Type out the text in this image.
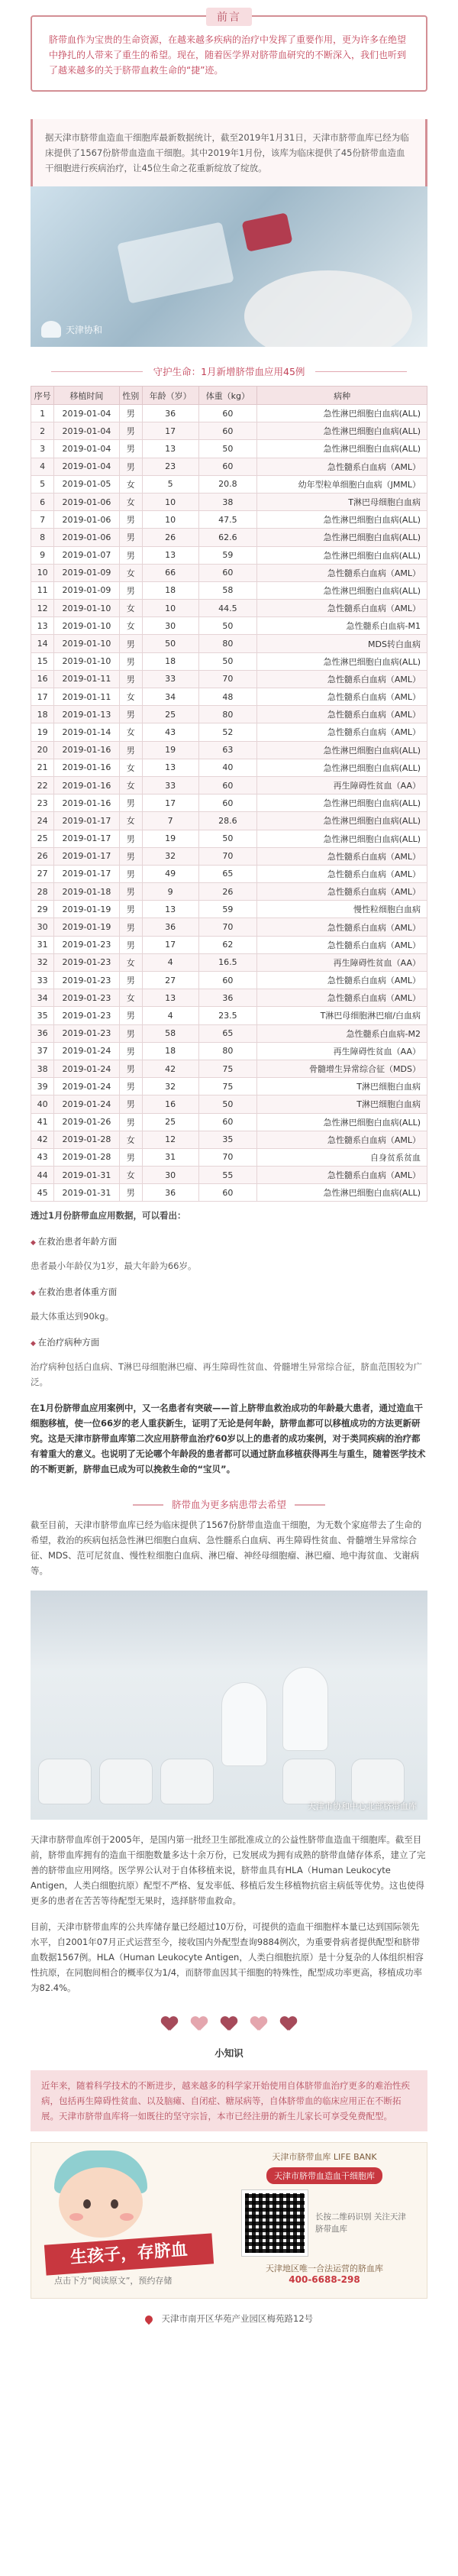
前言

脐带血作为宝贵的生命资源，在越来越多疾病的治疗中发挥了重要作用，更为许多在绝望中挣扎的人带来了重生的希望。现在，随着医学界对脐带血研究的不断深入，我们也听到了越来越多的关于脐带血救生命的“捷”迹。

据天津市脐带血造血干细胞库最新数据统计，截至2019年1月31日，天津市脐带血库已经为临床提供了1567份脐带血造血干细胞。其中2019年1月份，该库为临床提供了45份脐带血造血干细胞进行疾病治疗，让45位生命之花重新绽放了绽放。
天津协和
守护生命：1月新增脐带血应用45例
序号	移植时间	性别	年龄（岁）	体重（kg）	病种
1	2019-01-04	男	36	60	急性淋巴细胞白血病(ALL)
2	2019-01-04	男	17	60	急性淋巴细胞白血病(ALL)
3	2019-01-04	男	13	50	急性淋巴细胞白血病(ALL)
4	2019-01-04	男	23	60	急性髓系白血病（AML）
5	2019-01-05	女	5	20.8	幼年型粒单细胞白血病（JMML）
6	2019-01-06	女	10	38	T淋巴母细胞白血病
7	2019-01-06	男	10	47.5	急性淋巴细胞白血病(ALL)
8	2019-01-06	男	26	62.6	急性淋巴细胞白血病(ALL)
9	2019-01-07	男	13	59	急性淋巴细胞白血病(ALL)
10	2019-01-09	女	66	60	急性髓系白血病（AML）
11	2019-01-09	男	18	58	急性淋巴细胞白血病(ALL)
12	2019-01-10	女	10	44.5	急性髓系白血病（AML）
13	2019-01-10	女	30	50	急性髓系白血病-M1
14	2019-01-10	男	50	80	MDS转白血病
15	2019-01-10	男	18	50	急性淋巴细胞白血病(ALL)
16	2019-01-11	男	33	70	急性髓系白血病（AML）
17	2019-01-11	女	34	48	急性髓系白血病（AML）
18	2019-01-13	男	25	80	急性髓系白血病（AML）
19	2019-01-14	女	43	52	急性髓系白血病（AML）
20	2019-01-16	男	19	63	急性淋巴细胞白血病(ALL)
21	2019-01-16	女	13	40	急性淋巴细胞白血病(ALL)
22	2019-01-16	女	33	60	再生障碍性贫血（AA）
23	2019-01-16	男	17	60	急性淋巴细胞白血病(ALL)
24	2019-01-17	女	7	28.6	急性淋巴细胞白血病(ALL)
25	2019-01-17	男	19	50	急性淋巴细胞白血病(ALL)
26	2019-01-17	男	32	70	急性髓系白血病（AML）
27	2019-01-17	男	49	65	急性髓系白血病（AML）
28	2019-01-18	男	9	26	急性髓系白血病（AML）
29	2019-01-19	男	13	59	慢性粒细胞白血病
30	2019-01-19	男	36	70	急性髓系白血病（AML）
31	2019-01-23	男	17	62	急性髓系白血病（AML）
32	2019-01-23	女	4	16.5	再生障碍性贫血（AA）
33	2019-01-23	男	27	60	急性髓系白血病（AML）
34	2019-01-23	女	13	36	急性髓系白血病（AML）
35	2019-01-23	男	4	23.5	T淋巴母细胞淋巴瘤/白血病
36	2019-01-23	男	58	65	急性髓系白血病-M2
37	2019-01-24	男	18	80	再生障碍性贫血（AA）
38	2019-01-24	男	42	75	骨髓增生异常综合征（MDS）
39	2019-01-24	男	32	75	T淋巴细胞白血病
40	2019-01-24	男	16	50	T淋巴细胞白血病
41	2019-01-26	男	25	60	急性淋巴细胞白血病(ALL)
42	2019-01-28	女	12	35	急性髓系白血病（AML）
43	2019-01-28	男	31	70	自身贫系贫血
44	2019-01-31	女	30	55	急性髓系白血病（AML）
45	2019-01-31	男	36	60	急性淋巴细胞白血病(ALL)

透过1月份脐带血应用数据，可以看出：

◆ 在救治患者年龄方面

患者最小年龄仅为1岁，最大年龄为66岁。

◆ 在救治患者体重方面

最大体重达到90kg。

◆ 在治疗病种方面

治疗病种包括白血病、T淋巴母细胞淋巴瘤、再生障碍性贫血、骨髓增生异常综合征，脐血范围较为广泛。

在1月份脐带血应用案例中，又一名患者有突破——首上脐带血救治成功的年龄最大患者，通过造血干细胞移植，使一位66岁的老人重获新生，证明了无论是何年龄，脐带血都可以移植成功的方法更新研究。这是天津市脐带血库第二次应用脐带血治疗60岁以上的患者的成功案例，对于类同疾病的治疗都有着重大的意义。也说明了无论哪个年龄段的患者都可以通过脐血移植获得再生与重生，随着医学技术的不断更新，脐带血已成为可以挽救生命的“宝贝”。

脐带血为更多病患带去希望

截至目前，天津市脐带血库已经为临床提供了1567份脐带血造血干细胞，为无数个家庭带去了生命的希望，救治的疾病包括急性淋巴细胞白血病、急性髓系白血病、再生障碍性贫血、骨髓增生异常综合征、MDS、范可尼贫血、慢性粒细胞白血病、淋巴瘤、神经母细胞瘤、淋巴瘤、地中海贫血、戈谢病等。

天津市协和中心北部脐带血库

天津市脐带血库创于2005年，是国内第一批经卫生部批准成立的公益性脐带血造血干细胞库。截至目前，脐带血库拥有的造血干细胞数量多达十余万份，已发展成为拥有成熟的脐带血储存体系，建立了完善的脐带血应用网络。医学界公认对于自体移植来说，脐带血具有HLA（Human Leukocyte Antigen，人类白细胞抗原）配型不严格、复发率低、移植后发生移植物抗宿主病低等优势。这也使得更多的患者在苦苦等待配型无果时，选择脐带血救命。

目前，天津市脐带血库的公共库储存量已经超过10万份，可提供的造血干细胞样本量已达到国际领先水平，自2001年07月正式运营至今，接收国内外配型查询9884例次，为重要骨病者提供配型和脐带血数据1567例。HLA（Human Leukocyte Antigen，人类白细胞抗原）是十分复杂的人体组织相容性抗原，在同胞间相合的概率仅为1/4，而脐带血因其干细胞的特殊性，配型成功率更高，移植成功率为82.4%。

小知识

近年来，随着科学技术的不断进步，越来越多的科学家开始使用自体脐带血治疗更多的难治性疾病，包括再生障碍性贫血、以及脑瘫、自闭症、糖尿病等，自体脐带血的临床应用正在不断拓展。天津市脐带血库将一如既往的坚守宗旨，本市已经注册的新生儿家长可享受免费配型。

生孩子，存脐血
点击下方“阅读原文”，预约存储
天津市脐带血库 LIFE BANK
天津市脐带血造血干细胞库
长按二维码识别 关注天津脐带血库
天津地区唯一合法运营的脐血库
400-6688-298
天津市南开区华苑产业园区梅苑路12号
